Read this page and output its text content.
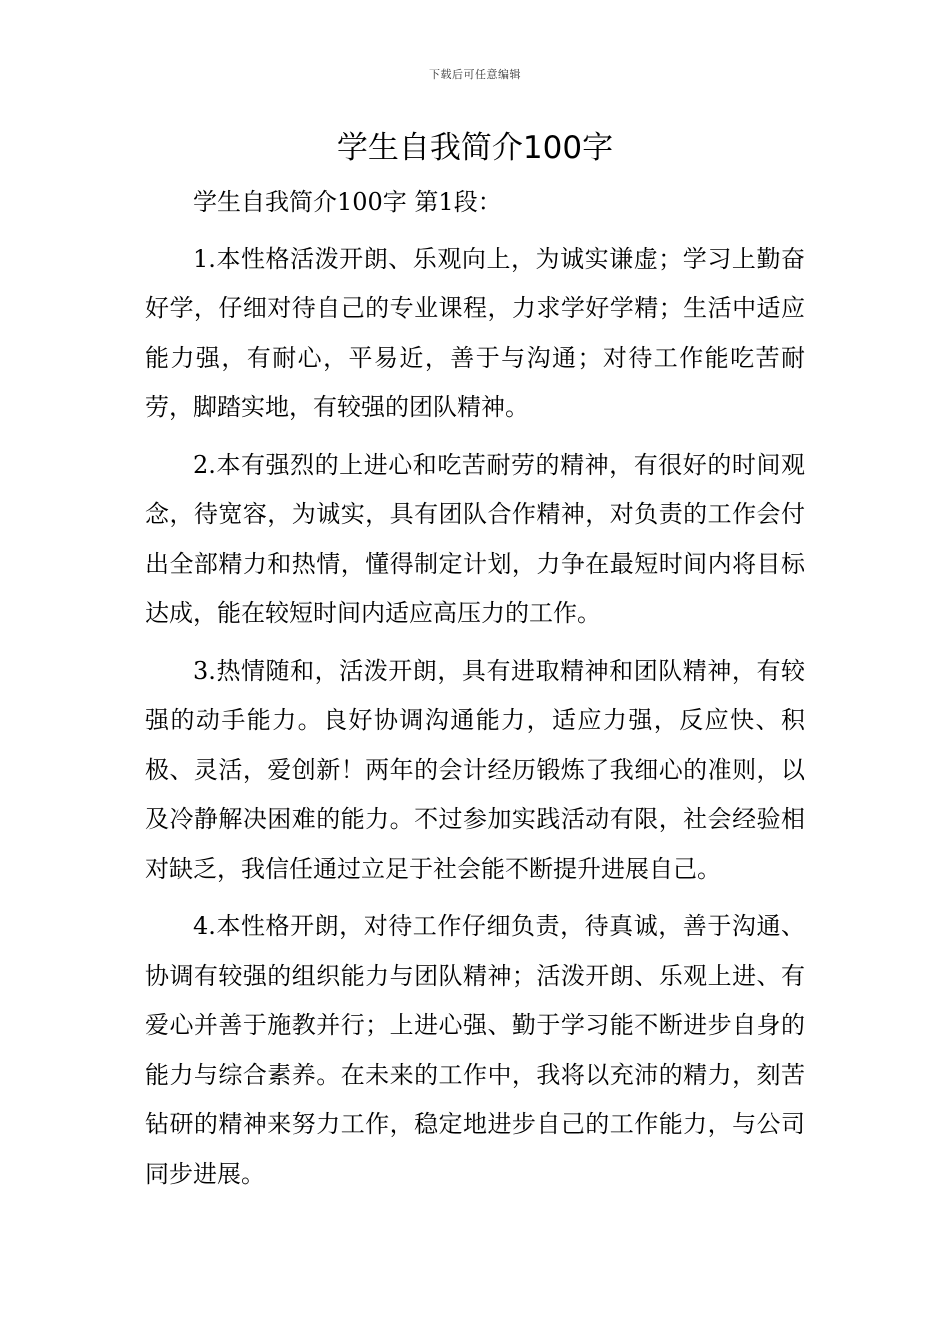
下载后可任意编辑
学生自我简介100字

学生自我简介100字 第1段：

1.本性格活泼开朗、乐观向上，为诚实谦虚；学习上勤奋好学，仔细对待自己的专业课程，力求学好学精；生活中适应能力强，有耐心，平易近，善于与沟通；对待工作能吃苦耐劳，脚踏实地，有较强的团队精神。

2.本有强烈的上进心和吃苦耐劳的精神，有很好的时间观念，待宽容，为诚实，具有团队合作精神，对负责的工作会付出全部精力和热情，懂得制定计划，力争在最短时间内将目标达成，能在较短时间内适应高压力的工作。

3.热情随和，活泼开朗，具有进取精神和团队精神，有较强的动手能力。良好协调沟通能力，适应力强，反应快、积极、灵活，爱创新！两年的会计经历锻炼了我细心的准则，以及冷静解决困难的能力。不过参加实践活动有限，社会经验相对缺乏，我信任通过立足于社会能不断提升进展自己。

4.本性格开朗，对待工作仔细负责，待真诚，善于沟通、协调有较强的组织能力与团队精神；活泼开朗、乐观上进、有爱心并善于施教并行；上进心强、勤于学习能不断进步自身的能力与综合素养。在未来的工作中，我将以充沛的精力，刻苦钻研的精神来努力工作，稳定地进步自己的工作能力，与公司同步进展。
